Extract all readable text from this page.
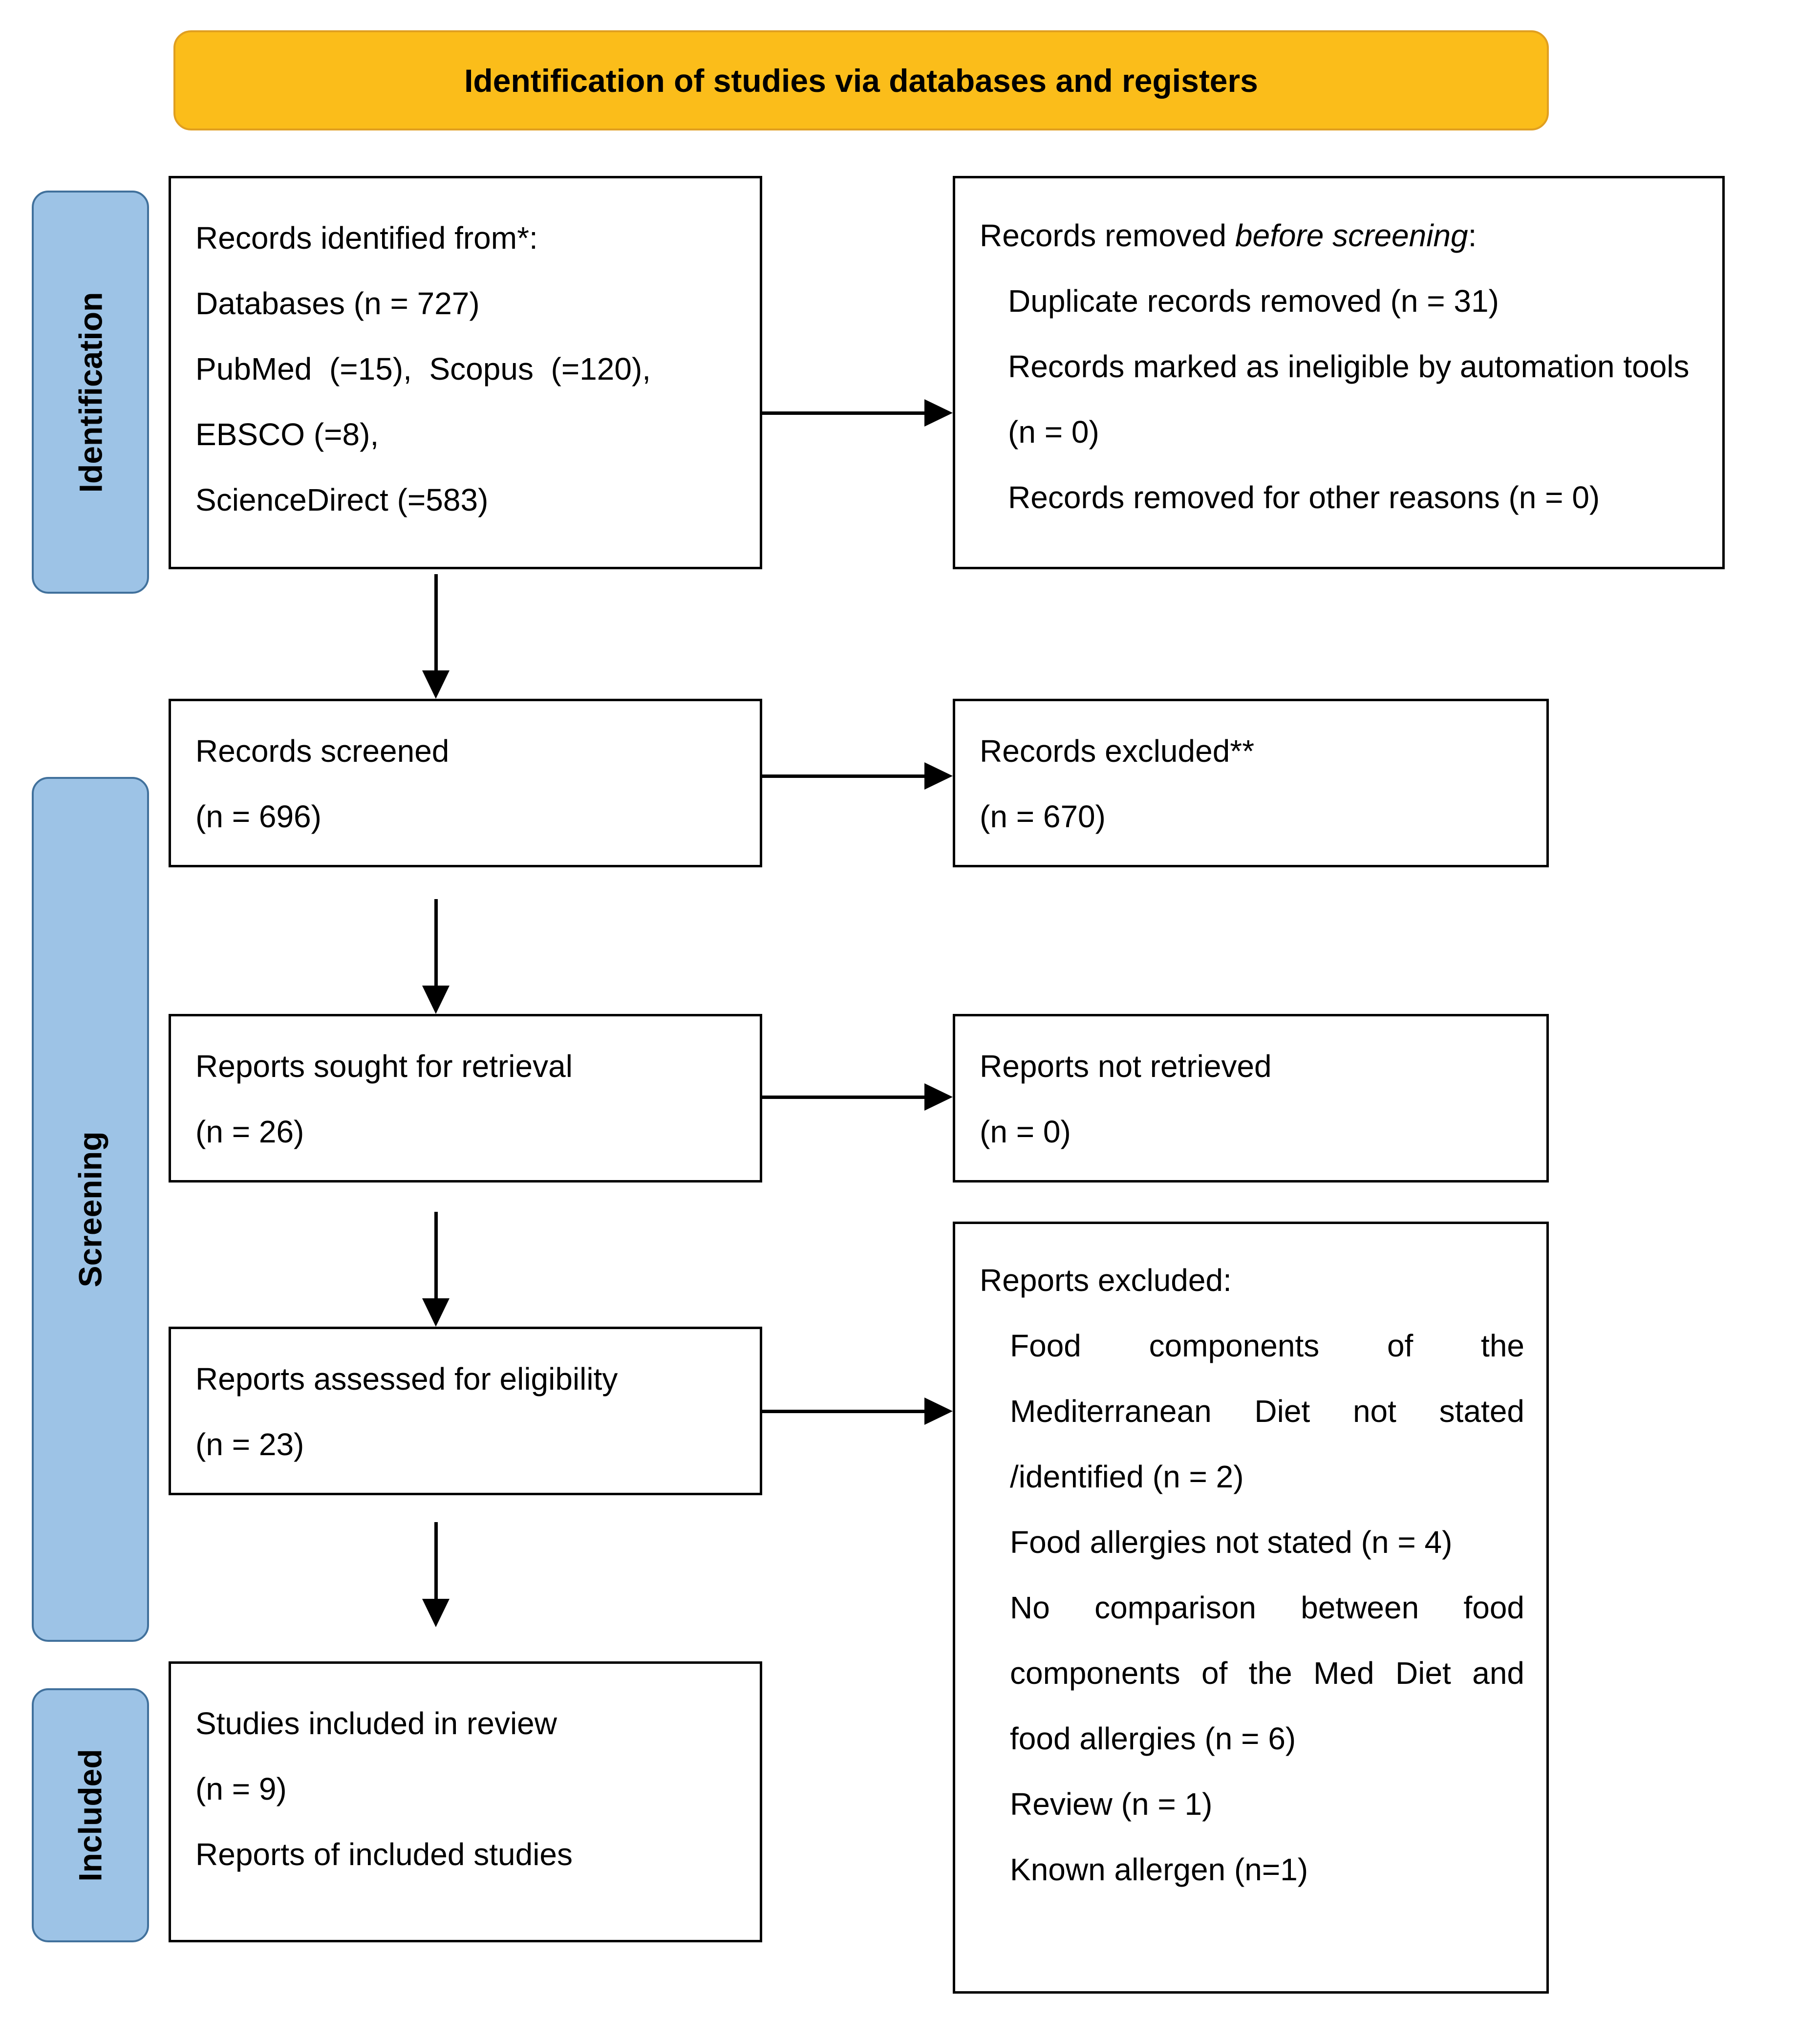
Identification of studies via databases and registers
Identification
Screening
Included
Records identified from*:
Databases (n = 727)
PubMed  (=15),  Scopus  (=120),
EBSCO (=8),
ScienceDirect (=583)
Records removed before screening:
Duplicate records removed (n = 31)
Records marked as ineligible by automation tools (n = 0)
Records removed for other reasons (n = 0)
Records screened
(n = 696)
Records excluded**
(n = 670)
Reports sought for retrieval
(n = 26)
Reports not retrieved
(n = 0)
Reports assessed for eligibility
(n = 23)
Reports excluded:
Food components of the Mediterranean Diet not stated /identified (n = 2)
Food allergies not stated (n = 4)
No comparison between food components of the Med Diet and food allergies (n = 6)
Review (n = 1)
Known allergen (n=1)
Studies included in review
(n = 9)
Reports of included studies
